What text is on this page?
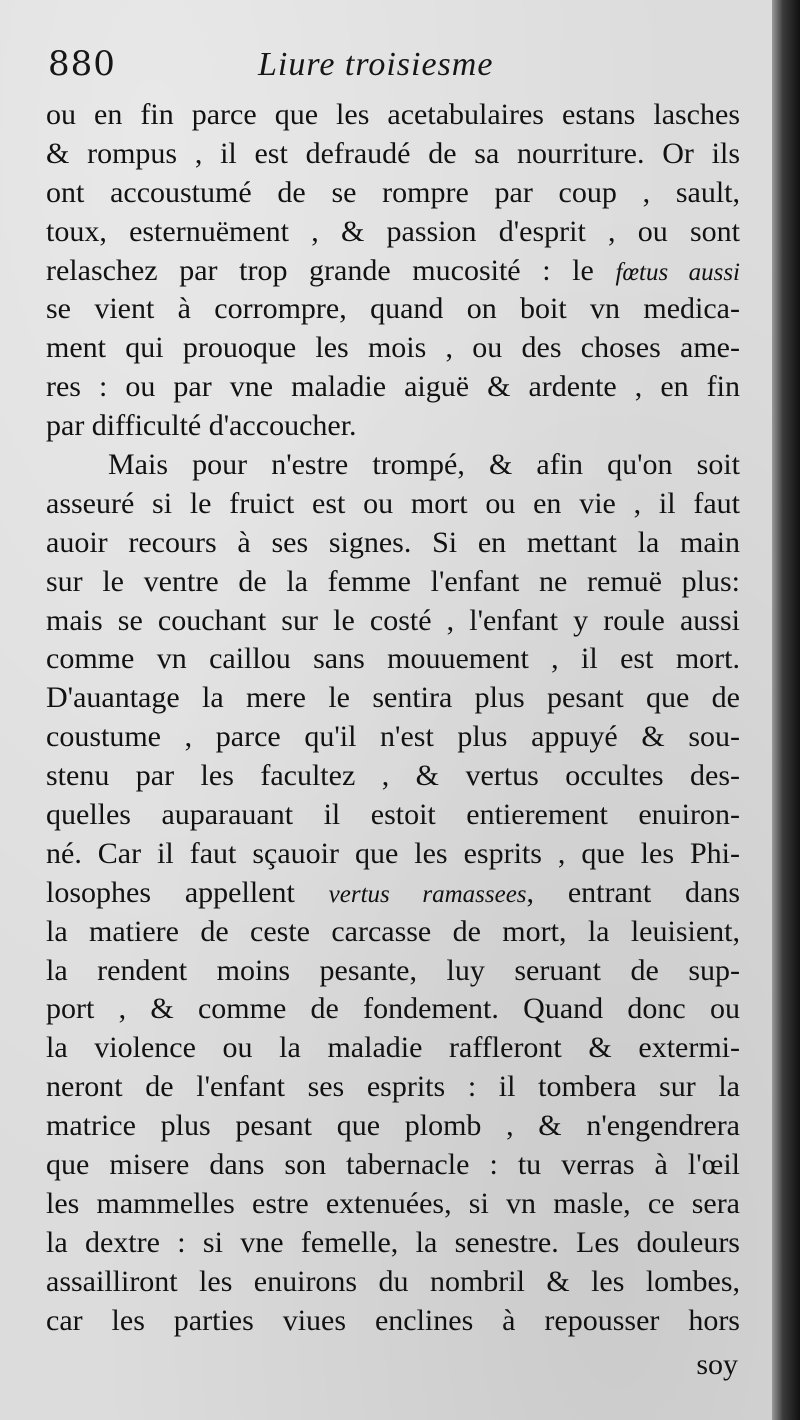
880	Liure troisiesme
ou en fin parce que les acetabulaires estans lasches
& rompus , il est defraudé de sa nourriture. Or ils
ont accoustumé de se rompre par coup , sault,
toux, esternuëment , & passion d'esprit , ou sont
relaschez par trop grande mucosité : le fœtus aussi
se vient à corrompre, quand on boit vn medica-
ment qui prouoque les mois , ou des choses ame-
res : ou par vne maladie aiguë & ardente , en fin
par difficulté d'accoucher.
Mais pour n'estre trompé, & afin qu'on soit
asseuré si le fruict est ou mort ou en vie , il faut
auoir recours à ses signes. Si en mettant la main
sur le ventre de la femme l'enfant ne remuë plus:
mais se couchant sur le costé , l'enfant y roule aussi
comme vn caillou sans mouuement , il est mort.
D'auantage la mere le sentira plus pesant que de
coustume , parce qu'il n'est plus appuyé & sou-
stenu par les facultez , & vertus occultes des-
quelles auparauant il estoit entierement enuiron-
né. Car il faut sçauoir que les esprits , que les Phi-
losophes appellent vertus ramassees, entrant dans
la matiere de ceste carcasse de mort, la leuisient,
la rendent moins pesante, luy seruant de sup-
port , & comme de fondement. Quand donc ou
la violence ou la maladie raffleront & extermi-
neront de l'enfant ses esprits : il tombera sur la
matrice plus pesant que plomb , & n'engendrera
que misere dans son tabernacle : tu verras à l'œil
les mammelles estre extenuées, si vn masle, ce sera
la dextre : si vne femelle, la senestre. Les douleurs
assailliront les enuirons du nombril & les lombes,
car les parties viues enclines à repousser hors
soy
